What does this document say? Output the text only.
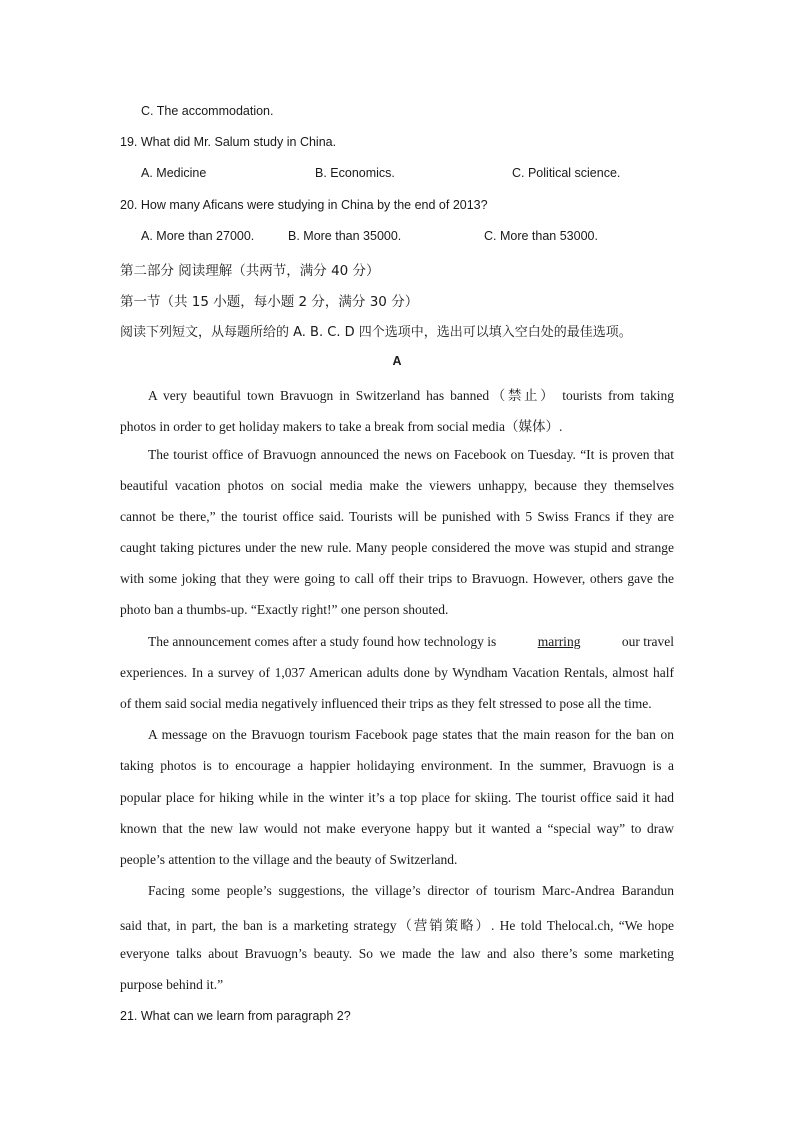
C. The accommodation.
19. What did Mr. Salum study in China.
A. Medicine	B. Economics.	C. Political science.
20. How many Aficans were studying in China by the end of 2013?
A. More than 27000.	B. More than 35000.	C. More than 53000.
第二部分 阅读理解（共两节，满分 40 分）
第一节（共 15 小题，每小题 2 分，满分 30 分）
阅读下列短文，从每题所给的 A. B. C. D 四个选项中，选出可以填入空白处的最佳选项。
A
A very beautiful town Bravuogn in Switzerland has banned（禁止） tourists from taking
photos in order to get holiday makers to take a break from social media（媒体）.
The tourist office of Bravuogn announced the news on Facebook on Tuesday. “It is proven that
beautiful vacation photos on social media make the viewers unhappy, because they themselves
cannot be there,” the tourist office said. Tourists will be punished with 5 Swiss Francs if they are
caught taking pictures under the new rule. Many people considered the move was stupid and strange
with some joking that they were going to call off their trips to Bravuogn. However, others gave the
photo ban a thumbs-up. “Exactly right!” one person shouted.
The announcement comes after a study found how technology is	marring	our travel
experiences. In a survey of 1,037 American adults done by Wyndham Vacation Rentals, almost half
of them said social media negatively influenced their trips as they felt stressed to pose all the time.
A message on the Bravuogn tourism Facebook page states that the main reason for the ban on
taking photos is to encourage a happier holidaying environment. In the summer, Bravuogn is a
popular place for hiking while in the winter it’s a top place for skiing. The tourist office said it had
known that the new law would not make everyone happy but it wanted a “special way” to draw
people’s attention to the village and the beauty of Switzerland.
Facing some people’s suggestions, the village’s director of tourism Marc-Andrea Barandun
said that, in part, the ban is a marketing strategy（营销策略）. He told Thelocal.ch, “We hope
everyone talks about Bravuogn’s beauty. So we made the law and also there’s some marketing
purpose behind it.”
21. What can we learn from paragraph 2?
